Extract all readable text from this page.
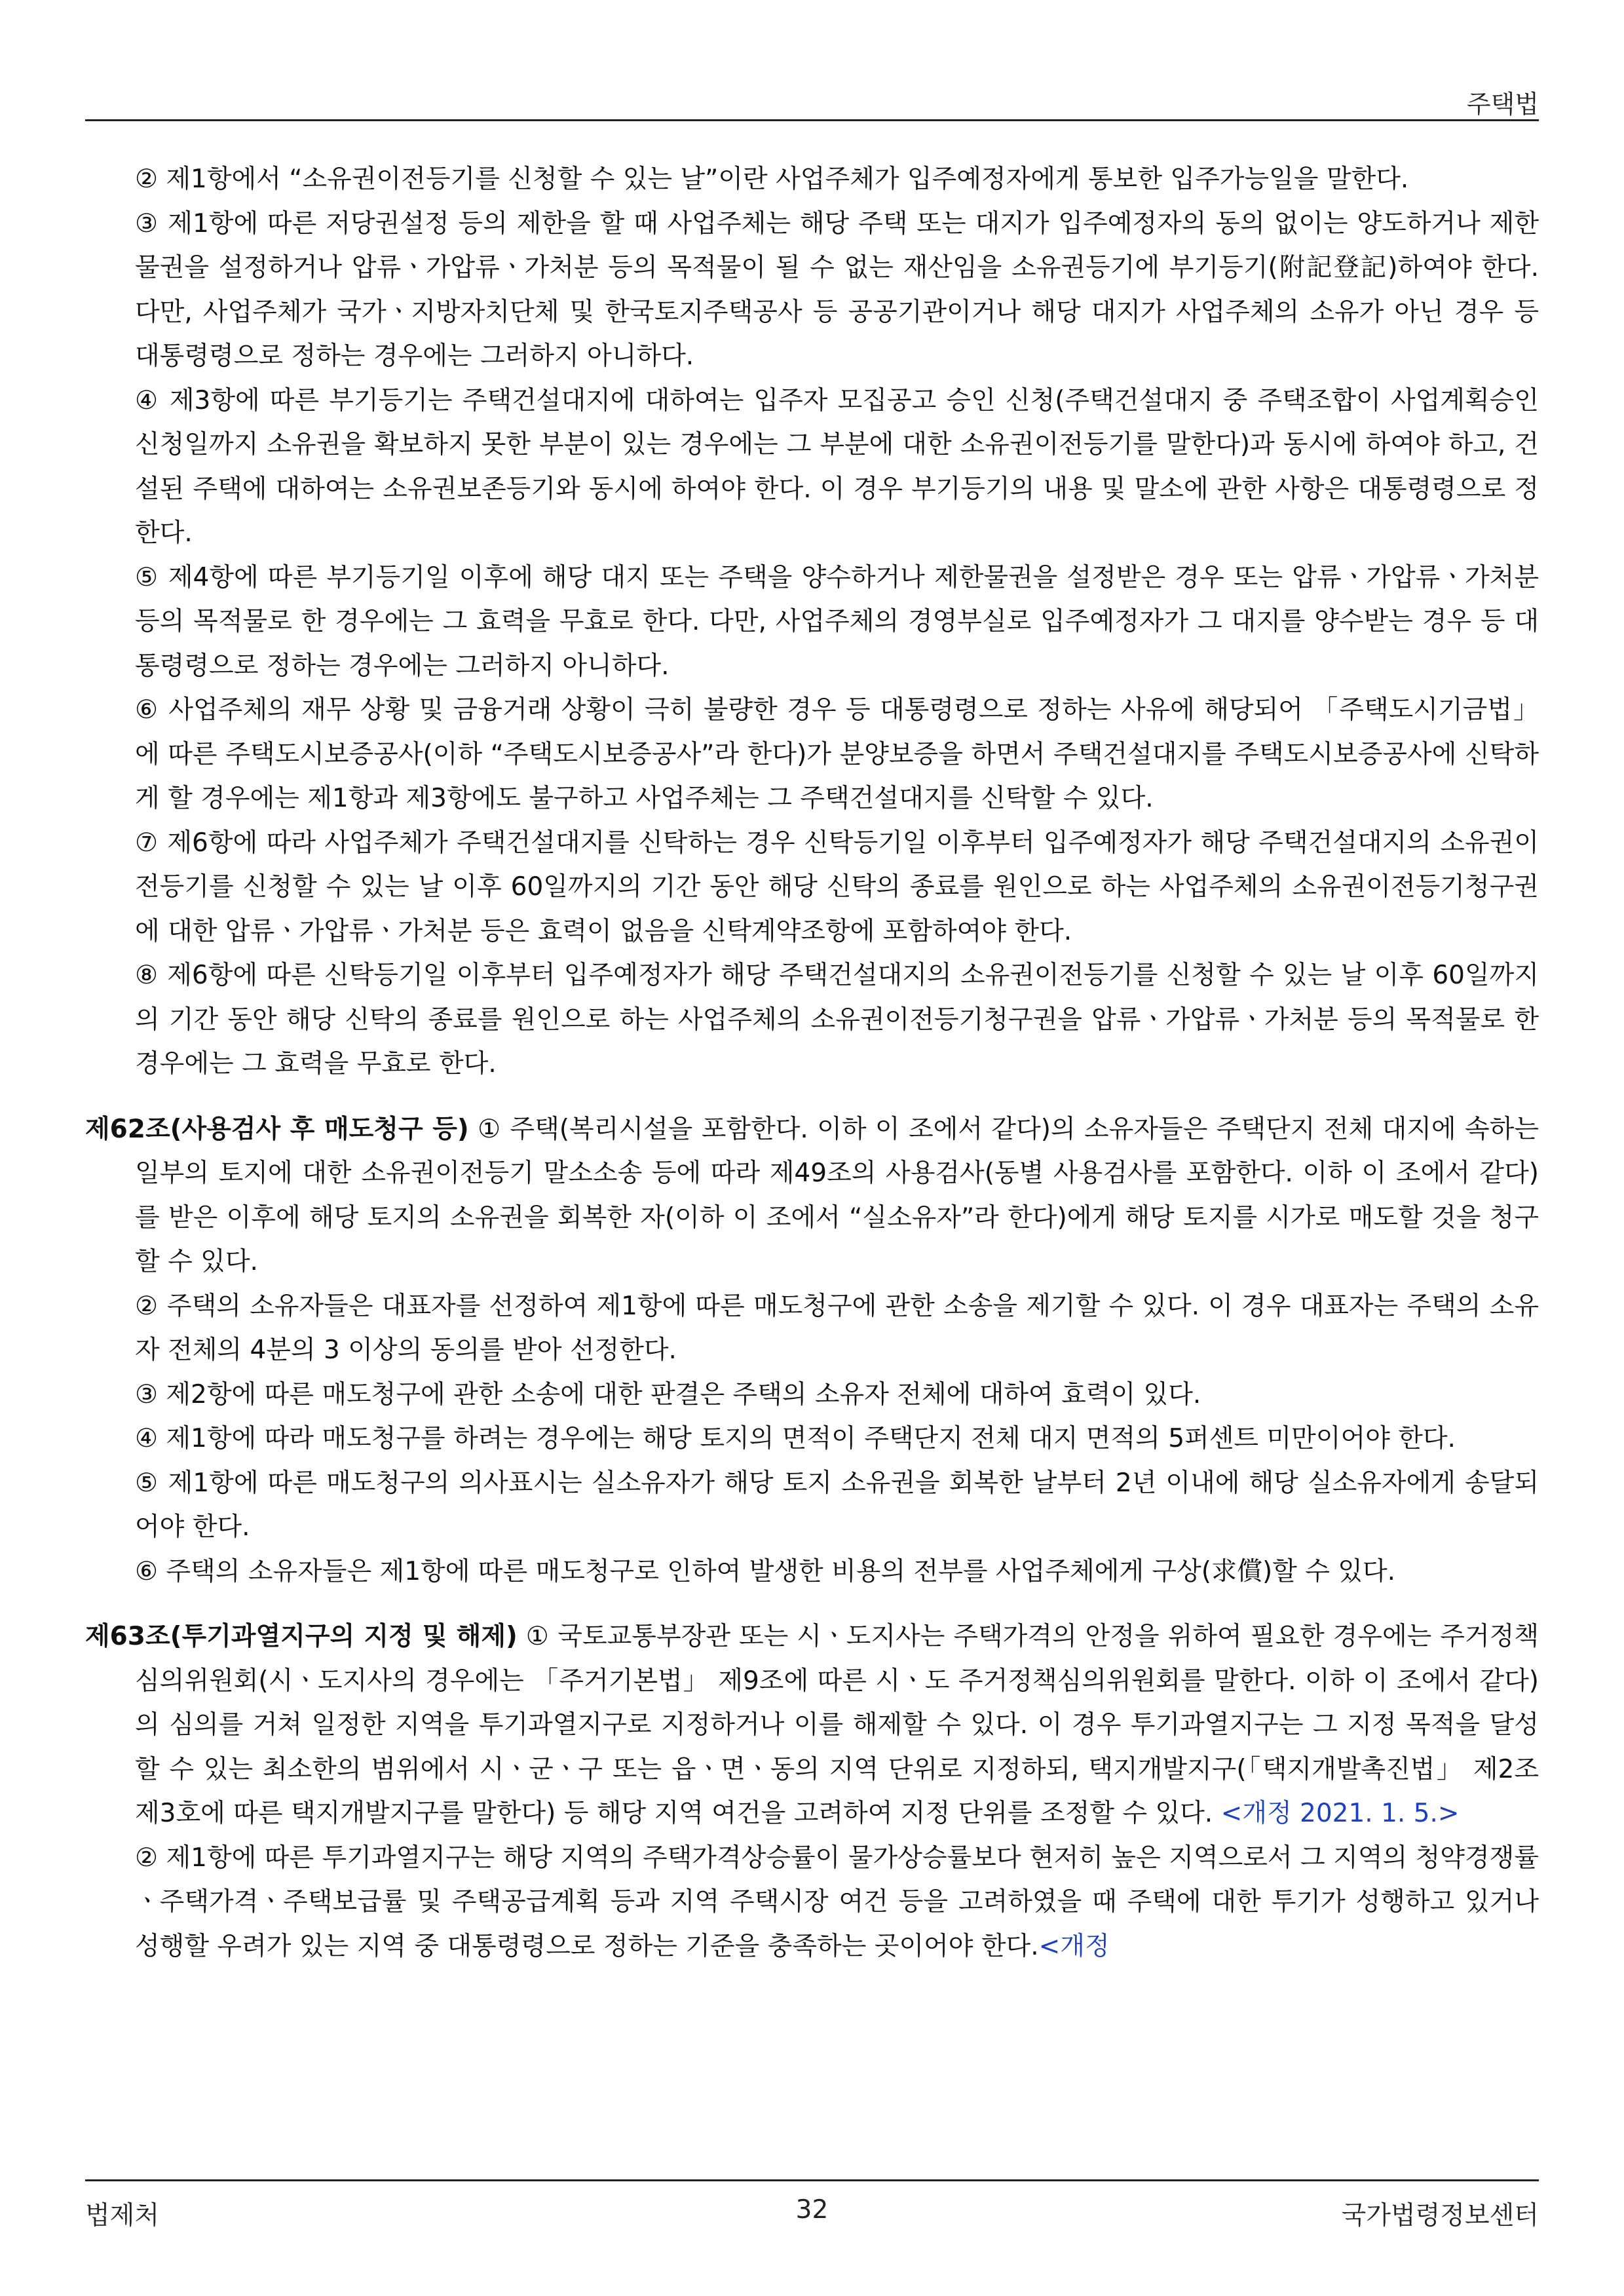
주택법

② 제1항에서 “소유권이전등기를 신청할 수 있는 날”이란 사업주체가 입주예정자에게 통보한 입주가능일을 말한다.

③ 제1항에 따른 저당권설정 등의 제한을 할 때 사업주체는 해당 주택 또는 대지가 입주예정자의 동의 없이는 양도하거나 제한물권을 설정하거나 압류ㆍ가압류ㆍ가처분 등의 목적물이 될 수 없는 재산임을 소유권등기에 부기등기(附記登記)하여야 한다. 다만, 사업주체가 국가ㆍ지방자치단체 및 한국토지주택공사 등 공공기관이거나 해당 대지가 사업주체의 소유가 아닌 경우 등 대통령령으로 정하는 경우에는 그러하지 아니하다.

④ 제3항에 따른 부기등기는 주택건설대지에 대하여는 입주자 모집공고 승인 신청(주택건설대지 중 주택조합이 사업계획승인 신청일까지 소유권을 확보하지 못한 부분이 있는 경우에는 그 부분에 대한 소유권이전등기를 말한다)과 동시에 하여야 하고, 건설된 주택에 대하여는 소유권보존등기와 동시에 하여야 한다. 이 경우 부기등기의 내용 및 말소에 관한 사항은 대통령령으로 정한다.

⑤ 제4항에 따른 부기등기일 이후에 해당 대지 또는 주택을 양수하거나 제한물권을 설정받은 경우 또는 압류ㆍ가압류ㆍ가처분 등의 목적물로 한 경우에는 그 효력을 무효로 한다. 다만, 사업주체의 경영부실로 입주예정자가 그 대지를 양수받는 경우 등 대통령령으로 정하는 경우에는 그러하지 아니하다.

⑥ 사업주체의 재무 상황 및 금융거래 상황이 극히 불량한 경우 등 대통령령으로 정하는 사유에 해당되어 「주택도시기금법」에 따른 주택도시보증공사(이하 “주택도시보증공사”라 한다)가 분양보증을 하면서 주택건설대지를 주택도시보증공사에 신탁하게 할 경우에는 제1항과 제3항에도 불구하고 사업주체는 그 주택건설대지를 신탁할 수 있다.

⑦ 제6항에 따라 사업주체가 주택건설대지를 신탁하는 경우 신탁등기일 이후부터 입주예정자가 해당 주택건설대지의 소유권이전등기를 신청할 수 있는 날 이후 60일까지의 기간 동안 해당 신탁의 종료를 원인으로 하는 사업주체의 소유권이전등기청구권에 대한 압류ㆍ가압류ㆍ가처분 등은 효력이 없음을 신탁계약조항에 포함하여야 한다.

⑧ 제6항에 따른 신탁등기일 이후부터 입주예정자가 해당 주택건설대지의 소유권이전등기를 신청할 수 있는 날 이후 60일까지의 기간 동안 해당 신탁의 종료를 원인으로 하는 사업주체의 소유권이전등기청구권을 압류ㆍ가압류ㆍ가처분 등의 목적물로 한 경우에는 그 효력을 무효로 한다.

제62조(사용검사 후 매도청구 등) ① 주택(복리시설을 포함한다. 이하 이 조에서 같다)의 소유자들은 주택단지 전체 대지에 속하는 일부의 토지에 대한 소유권이전등기 말소소송 등에 따라 제49조의 사용검사(동별 사용검사를 포함한다. 이하 이 조에서 같다)를 받은 이후에 해당 토지의 소유권을 회복한 자(이하 이 조에서 “실소유자”라 한다)에게 해당 토지를 시가로 매도할 것을 청구할 수 있다.

② 주택의 소유자들은 대표자를 선정하여 제1항에 따른 매도청구에 관한 소송을 제기할 수 있다. 이 경우 대표자는 주택의 소유자 전체의 4분의 3 이상의 동의를 받아 선정한다.

③ 제2항에 따른 매도청구에 관한 소송에 대한 판결은 주택의 소유자 전체에 대하여 효력이 있다.

④ 제1항에 따라 매도청구를 하려는 경우에는 해당 토지의 면적이 주택단지 전체 대지 면적의 5퍼센트 미만이어야 한다.

⑤ 제1항에 따른 매도청구의 의사표시는 실소유자가 해당 토지 소유권을 회복한 날부터 2년 이내에 해당 실소유자에게 송달되어야 한다.

⑥ 주택의 소유자들은 제1항에 따른 매도청구로 인하여 발생한 비용의 전부를 사업주체에게 구상(求償)할 수 있다.

제63조(투기과열지구의 지정 및 해제) ① 국토교통부장관 또는 시ㆍ도지사는 주택가격의 안정을 위하여 필요한 경우에는 주거정책심의위원회(시ㆍ도지사의 경우에는 「주거기본법」 제9조에 따른 시ㆍ도 주거정책심의위원회를 말한다. 이하 이 조에서 같다)의 심의를 거쳐 일정한 지역을 투기과열지구로 지정하거나 이를 해제할 수 있다. 이 경우 투기과열지구는 그 지정 목적을 달성할 수 있는 최소한의 범위에서 시ㆍ군ㆍ구 또는 읍ㆍ면ㆍ동의 지역 단위로 지정하되, 택지개발지구(「택지개발촉진법」 제2조제3호에 따른 택지개발지구를 말한다) 등 해당 지역 여건을 고려하여 지정 단위를 조정할 수 있다. <개정 2021. 1. 5.>

② 제1항에 따른 투기과열지구는 해당 지역의 주택가격상승률이 물가상승률보다 현저히 높은 지역으로서 그 지역의 청약경쟁률ㆍ주택가격ㆍ주택보급률 및 주택공급계획 등과 지역 주택시장 여건 등을 고려하였을 때 주택에 대한 투기가 성행하고 있거나 성행할 우려가 있는 지역 중 대통령령으로 정하는 기준을 충족하는 곳이어야 한다.<개정

법제처	32	국가법령정보센터
